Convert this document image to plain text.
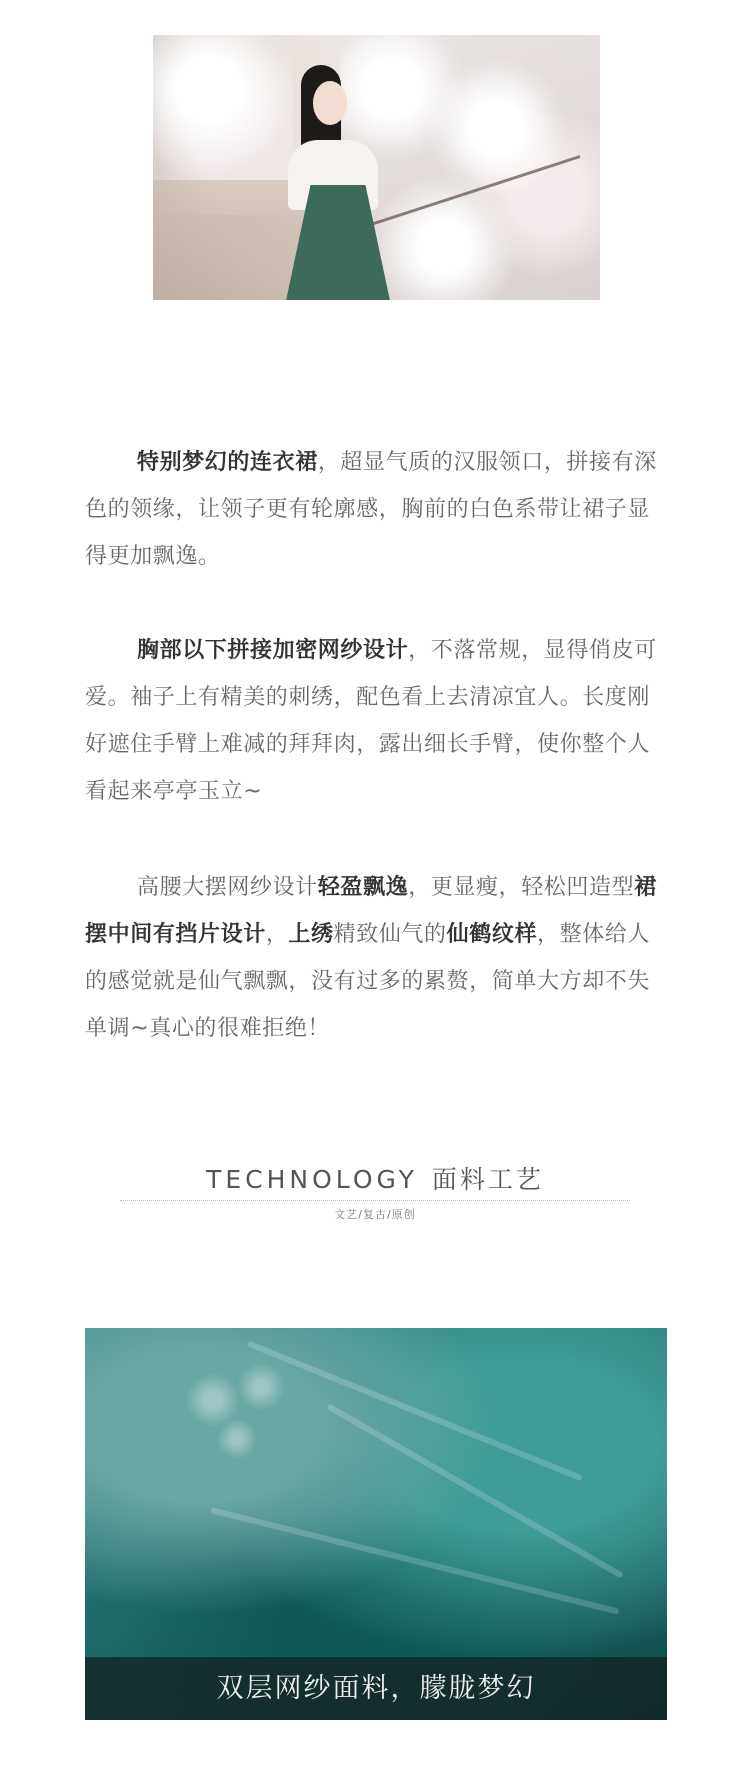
特别梦幻的连衣裙，超显气质的汉服领口，拼接有深色的领缘，让领子更有轮廓感，胸前的白色系带让裙子显得更加飘逸。

胸部以下拼接加密网纱设计，不落常规，显得俏皮可爱。袖子上有精美的刺绣，配色看上去清凉宜人。长度刚好遮住手臂上难减的拜拜肉，露出细长手臂，使你整个人看起来亭亭玉立~

高腰大摆网纱设计轻盈飘逸，更显瘦，轻松凹造型裙摆中间有挡片设计，上绣精致仙气的仙鹤纹样，整体给人的感觉就是仙气飘飘，没有过多的累赘，简单大方却不失单调~真心的很难拒绝！

TECHNOLOGY 面料工艺
文艺/复古/原创
双层网纱面料，朦胧梦幻
